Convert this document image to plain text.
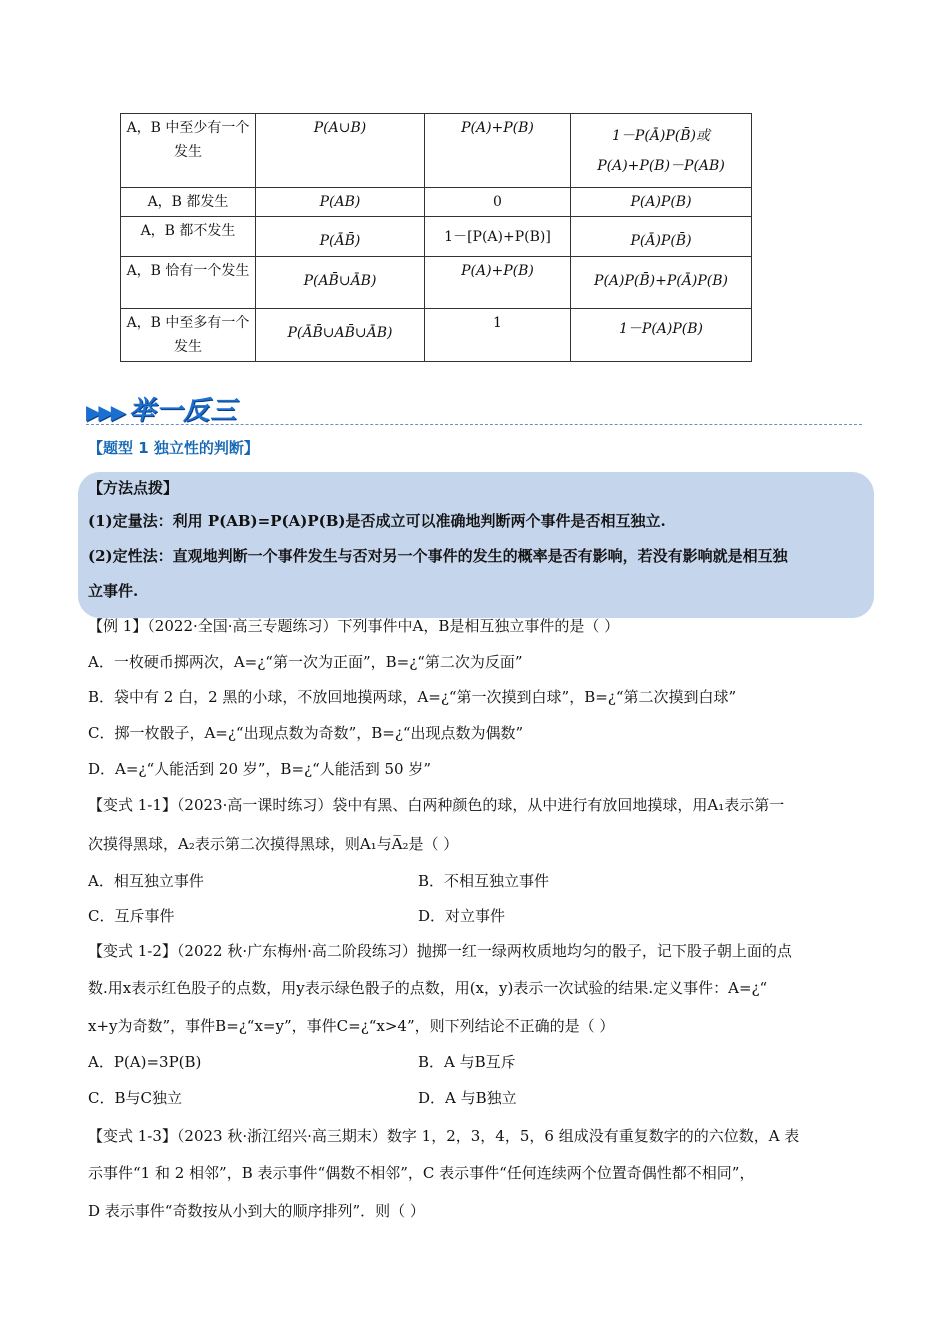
A，B 中至少有一个发生	P(A∪B)	P(A)+P(B)	1－P(Ā)P(B̄)或
P(A)+P(B)－P(AB)

A，B 都发生	P(AB)	0	P(A)P(B)
A，B 都不发生	P(ĀB̄)	1－[P(A)+P(B)]	P(Ā)P(B̄)
A，B 恰有一个发生	P(AB̄∪ĀB)	P(A)+P(B)	P(A)P(B̄)+P(Ā)P(B)
A，B 中至多有一个发生	P(ĀB̄∪AB̄∪ĀB)	1	1－P(A)P(B)
▶▶▶ 举一反三
【题型 1 独立性的判断】
【方法点拨】
(1)定量法：利用 P(AB)=P(A)P(B)是否成立可以准确地判断两个事件是否相互独立.
(2)定性法：直观地判断一个事件发生与否对另一个事件的发生的概率是否有影响，若没有影响就是相互独
立事件.
【例 1】（2022·全国·高三专题练习）下列事件中A，B是相互独立事件的是（ ）
A．一枚硬币掷两次，A=¿“第一次为正面”，B=¿“第二次为反面”
B．袋中有 2 白，2 黑的小球，不放回地摸两球，A=¿“第一次摸到白球”，B=¿“第二次摸到白球”
C．掷一枚骰子，A=¿“出现点数为奇数”，B=¿“出现点数为偶数”
D．A=¿“人能活到 20 岁”，B=¿“人能活到 50 岁”
【变式 1-1】（2023·高一课时练习）袋中有黑、白两种颜色的球，从中进行有放回地摸球，用A₁表示第一
次摸得黑球，A₂表示第二次摸得黑球，则A₁与A̅₂是（ ）
A．相互独立事件	B．不相互独立事件
C．互斥事件	D．对立事件
【变式 1-2】（2022 秋·广东梅州·高二阶段练习）抛掷一红一绿两枚质地均匀的骰子，记下股子朝上面的点
数.用x表示红色股子的点数，用y表示绿色骰子的点数，用(x，y)表示一次试验的结果.定义事件：A=¿“
x+y为奇数”，事件B=¿“x=y”，事件C=¿“x>4”，则下列结论不正确的是（ ）
A．P(A)=3P(B)	B．A 与B互斥
C．B与C独立	D．A 与B独立
【变式 1-3】（2023 秋·浙江绍兴·高三期末）数字 1，2，3，4，5，6 组成没有重复数字的的六位数，A 表
示事件“1 和 2 相邻”，B 表示事件“偶数不相邻”，C 表示事件“任何连续两个位置奇偶性都不相同”，
D 表示事件“奇数按从小到大的顺序排列”．则（ ）
